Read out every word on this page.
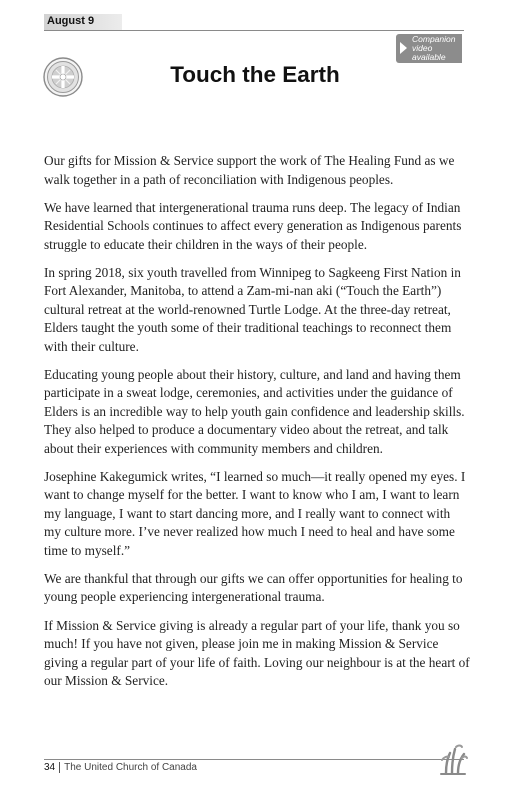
August 9
Companion
video
available
Touch the Earth

Our gifts for Mission & Service support the work of The Healing Fund as we walk together in a path of reconciliation with Indigenous peoples.

We have learned that intergenerational trauma runs deep. The legacy of Indian Residential Schools continues to affect every generation as Indigenous parents struggle to educate their children in the ways of their people.

In spring 2018, six youth travelled from Winnipeg to Sagkeeng First Nation in Fort Alexander, Manitoba, to attend a Zam-mi-nan aki (“Touch the Earth”) cultural retreat at the world-renowned Turtle Lodge. At the three-day retreat, Elders taught the youth some of their traditional teachings to reconnect them with their culture.

Educating young people about their history, culture, and land and having them participate in a sweat lodge, ceremonies, and activities under the guidance of Elders is an incredible way to help youth gain confidence and leadership skills. They also helped to produce a documentary video about the retreat, and talk about their experiences with community members and children.

Josephine Kakegumick writes, “I learned so much—it really opened my eyes. I want to change myself for the better. I want to know who I am, I want to learn my language, I want to start dancing more, and I really want to connect with my culture more. I’ve never realized how much I need to heal and have some time to myself.”

We are thankful that through our gifts we can offer opportunities for healing to young people experiencing intergenerational trauma.

If Mission & Service giving is already a regular part of your life, thank you so much! If you have not given, please join me in making Mission & Service giving a regular part of your life of faith. Loving our neighbour is at the heart of our Mission & Service.

34 The United Church of Canada
